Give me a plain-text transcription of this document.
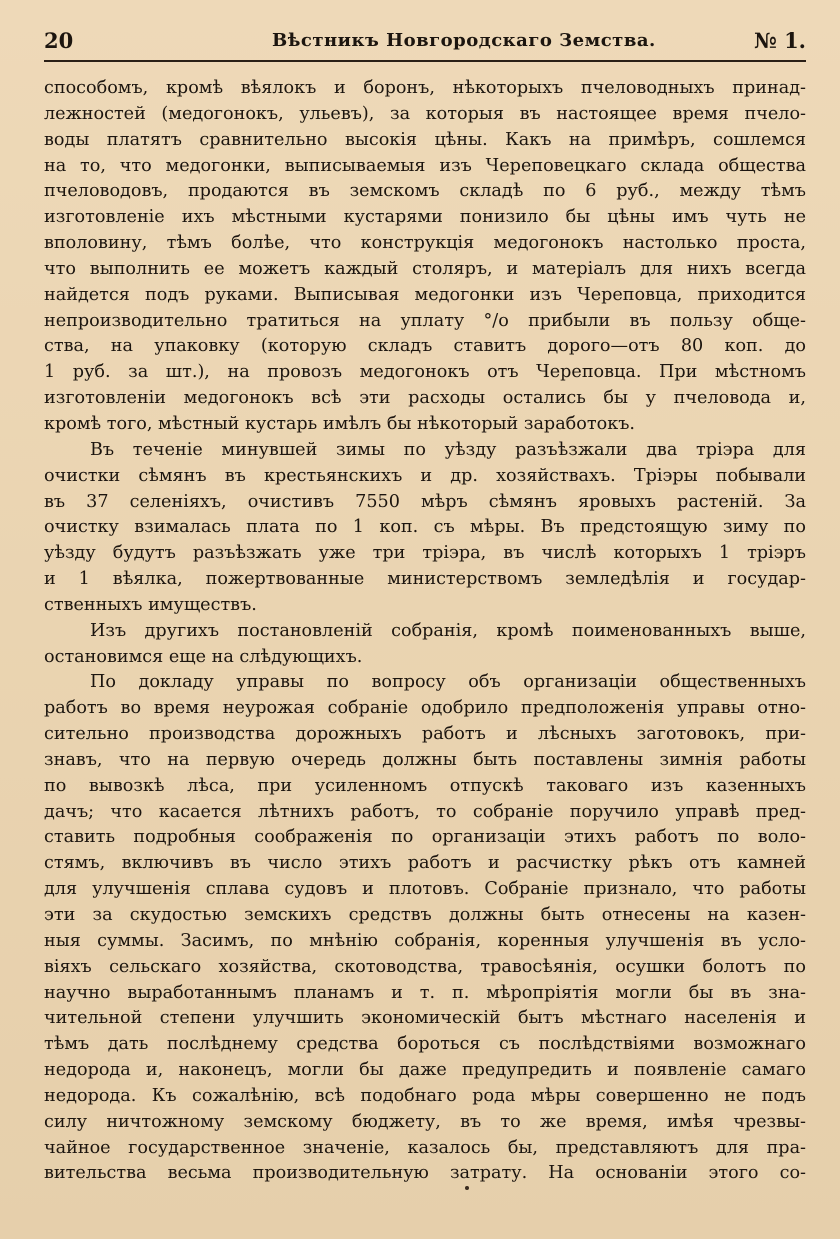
20	Вѣстникъ Новгородскаго Земства.	№ 1.
способомъ, кромѣ вѣялокъ и боронъ, нѣкоторыхъ пчеловодныхъ принад-
лежностей (медогонокъ, ульевъ), за которыя въ настоящее время пчело-
воды платятъ сравнительно высокія цѣны. Какъ на примѣръ, сошлемся
на то, что медогонки, выписываемыя изъ Череповецкаго склада общества
пчеловодовъ, продаются въ земскомъ складѣ по 6 руб., между тѣмъ
изготовленіе ихъ мѣстными кустарями понизило бы цѣны имъ чуть не
вполовину, тѣмъ болѣе, что конструкція медогонокъ настолько проста,
что выполнить ее можетъ каждый столяръ, и матеріалъ для нихъ всегда
найдется подъ руками. Выписывая медогонки изъ Череповца, приходится
непроизводительно тратиться на уплату °/о прибыли въ пользу обще-
ства, на упаковку (которую складъ ставитъ дорого—отъ 80 коп. до
1 руб. за шт.), на провозъ медогонокъ отъ Череповца. При мѣстномъ
изготовленіи медогонокъ всѣ эти расходы остались бы у пчеловода и,
кромѣ того, мѣстный кустарь имѣлъ бы нѣкоторый заработокъ.
Въ теченіе минувшей зимы по уѣзду разъѣзжали два тріэра для
очистки сѣмянъ въ крестьянскихъ и др. хозяйствахъ. Тріэры побывали
въ 37 селеніяхъ, очистивъ 7550 мѣръ сѣмянъ яровыхъ растеній. За
очистку взималась плата по 1 коп. съ мѣры. Въ предстоящую зиму по
уѣзду будутъ разъѣзжать уже три тріэра, въ числѣ которыхъ 1 тріэръ
и 1 вѣялка, пожертвованные министерствомъ земледѣлія и государ-
ственныхъ имуществъ.
Изъ другихъ постановленій собранія, кромѣ поименованныхъ выше,
остановимся еще на слѣдующихъ.
По докладу управы по вопросу объ организаціи общественныхъ
работъ во время неурожая собраніе одобрило предположенія управы отно-
сительно производства дорожныхъ работъ и лѣсныхъ заготовокъ, при-
знавъ, что на первую очередь должны быть поставлены зимнія работы
по вывозкѣ лѣса, при усиленномъ отпускѣ таковаго изъ казенныхъ
дачъ; что касается лѣтнихъ работъ, то собраніе поручило управѣ пред-
ставить подробныя соображенія по организаціи этихъ работъ по воло-
стямъ, включивъ въ число этихъ работъ и расчистку рѣкъ отъ камней
для улучшенія сплава судовъ и плотовъ. Собраніе признало, что работы
эти за скудостью земскихъ средствъ должны быть отнесены на казен-
ныя суммы. Засимъ, по мнѣнію собранія, коренныя улучшенія въ усло-
віяхъ сельскаго хозяйства, скотоводства, травосѣянія, осушки болотъ по
научно выработаннымъ планамъ и т. п. мѣропріятія могли бы въ зна-
чительной степени улучшить экономическій бытъ мѣстнаго населенія и
тѣмъ дать послѣднему средства бороться съ послѣдствіями возможнаго
недорода и, наконецъ, могли бы даже предупредить и появленіе самаго
недорода. Къ сожалѣнію, всѣ подобнаго рода мѣры совершенно не подъ
силу ничтожному земскому бюджету, въ то же время, имѣя чрезвы-
чайное государственное значеніе, казалось бы, представляютъ для пра-
вительства весьма производительную затрату. На основаніи этого со-
